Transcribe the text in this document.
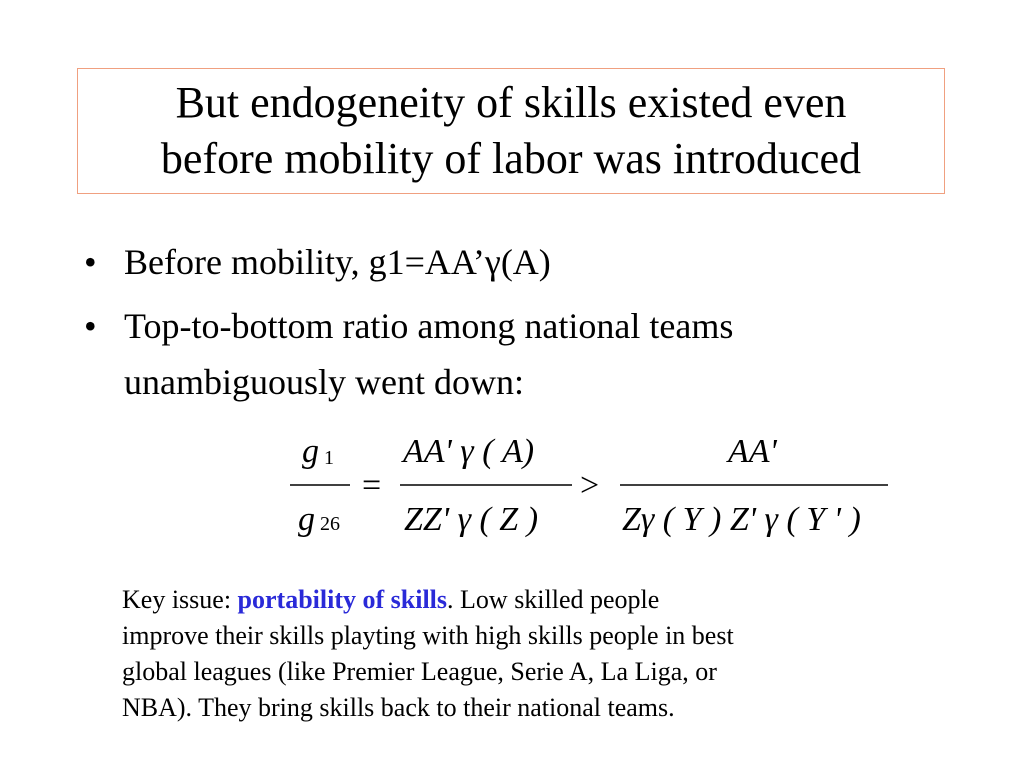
But endogeneity of skills existed even
before mobility of labor was introduced
• Before mobility, g1=AA’γ(A)
• Top-to-bottom ratio among national teams
unambiguously went down:
g 1
g 26
=
AA' γ ( A)
ZZ' γ ( Z )
>
AA'
Zγ ( Y ) Z' γ ( Y ' )
Key issue: portability of skills. Low skilled people
improve their skills playting with high skills people in best
global leagues (like Premier League, Serie A, La Liga, or
NBA). They bring skills back to their national teams.
